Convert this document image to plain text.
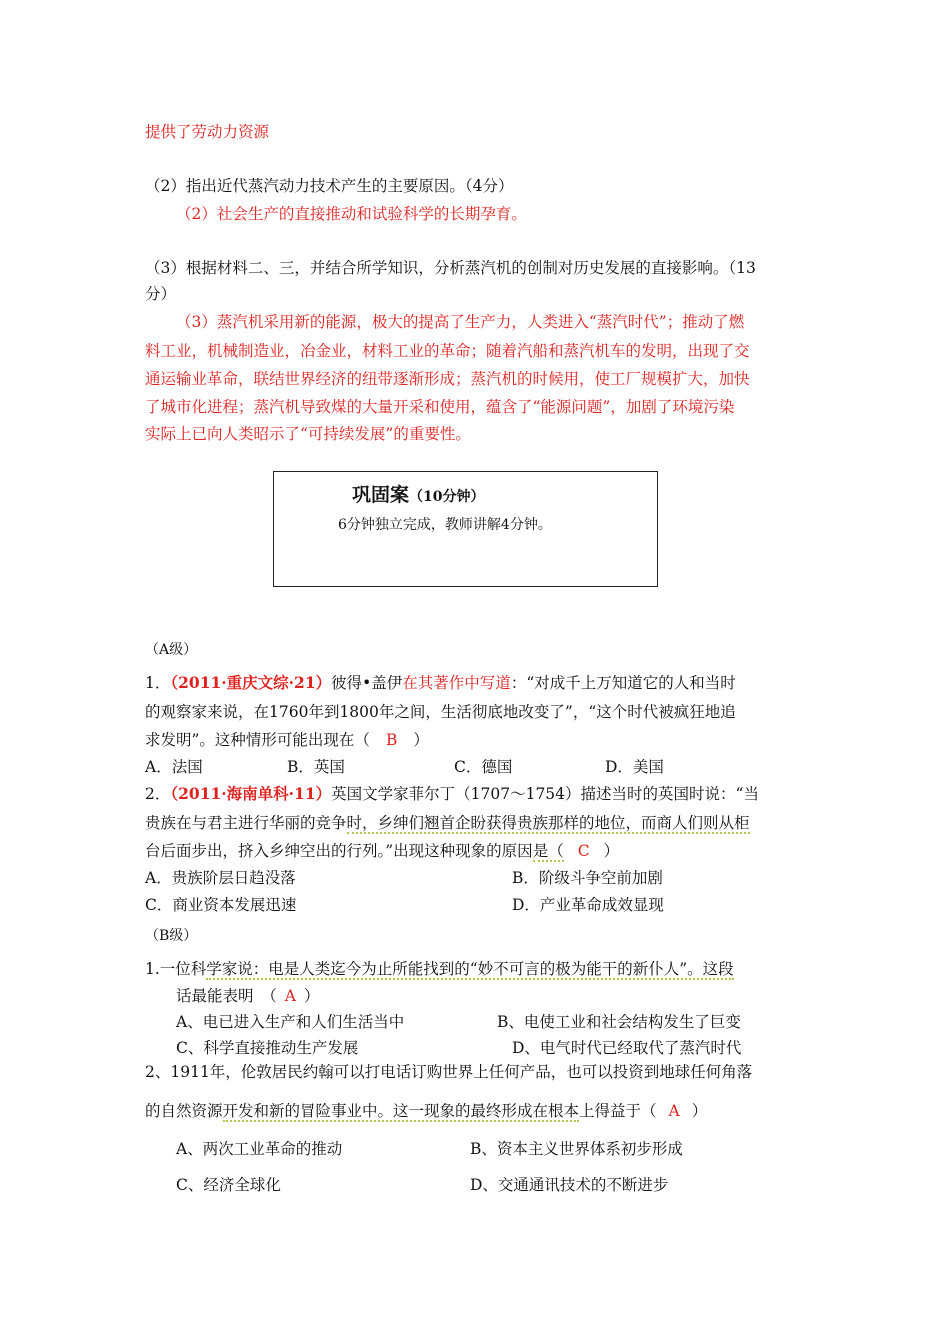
提供了劳动力资源
（2）指出近代蒸汽动力技术产生的主要原因。（4分）
（2）社会生产的直接推动和试验科学的长期孕育。
（3）根据材料二、三，并结合所学知识，分析蒸汽机的创制对历史发展的直接影响。（13
分）
（3）蒸汽机采用新的能源，极大的提高了生产力，人类进入“蒸汽时代”；推动了燃
料工业，机械制造业，冶金业，材料工业的革命；随着汽船和蒸汽机车的发明，出现了交
通运输业革命，联结世界经济的纽带逐渐形成；蒸汽机的时候用，使工厂规模扩大，加快
了城市化进程；蒸汽机导致煤的大量开采和使用，蕴含了“能源问题”，加剧了环境污染
实际上已向人类昭示了“可持续发展”的重要性。
巩固案（10分钟）
6分钟独立完成，教师讲解4分钟。
（A级）
1．（2011·重庆文综·21）彼得•盖伊在其著作中写道：“对成千上万知道它的人和当时
的观察家来说，在1760年到1800年之间，生活彻底地改变了”，“这个时代被疯狂地追
求发明”。这种情形可能出现在（ B ）
A．法国	B．英国	C．德国	D．美国
2．（2011·海南单科·11）英国文学家菲尔丁（1707～1754）描述当时的英国时说：“当
贵族在与君主进行华丽的竞争时，乡绅们翘首企盼获得贵族那样的地位，而商人们则从柜
台后面步出，挤入乡绅空出的行列。”出现这种现象的原因是（ C ）
A．贵族阶层日趋没落	B．阶级斗争空前加剧
C．商业资本发展迅速	D．产业革命成效显现
（B级）
1.一位科学家说：电是人类迄今为止所能找到的“妙不可言的极为能干的新仆人”。这段
话最能表明　（ A ）
A、电已进入生产和人们生活当中	B、电使工业和社会结构发生了巨变
C、科学直接推动生产发展	D、电气时代已经取代了蒸汽时代
2、1911年，伦敦居民约翰可以打电话订购世界上任何产品，也可以投资到地球任何角落
的自然资源开发和新的冒险事业中。这一现象的最终形成在根本上得益于（ A ）
A、两次工业革命的推动	B、资本主义世界体系初步形成
C、经济全球化	D、交通通讯技术的不断进步
